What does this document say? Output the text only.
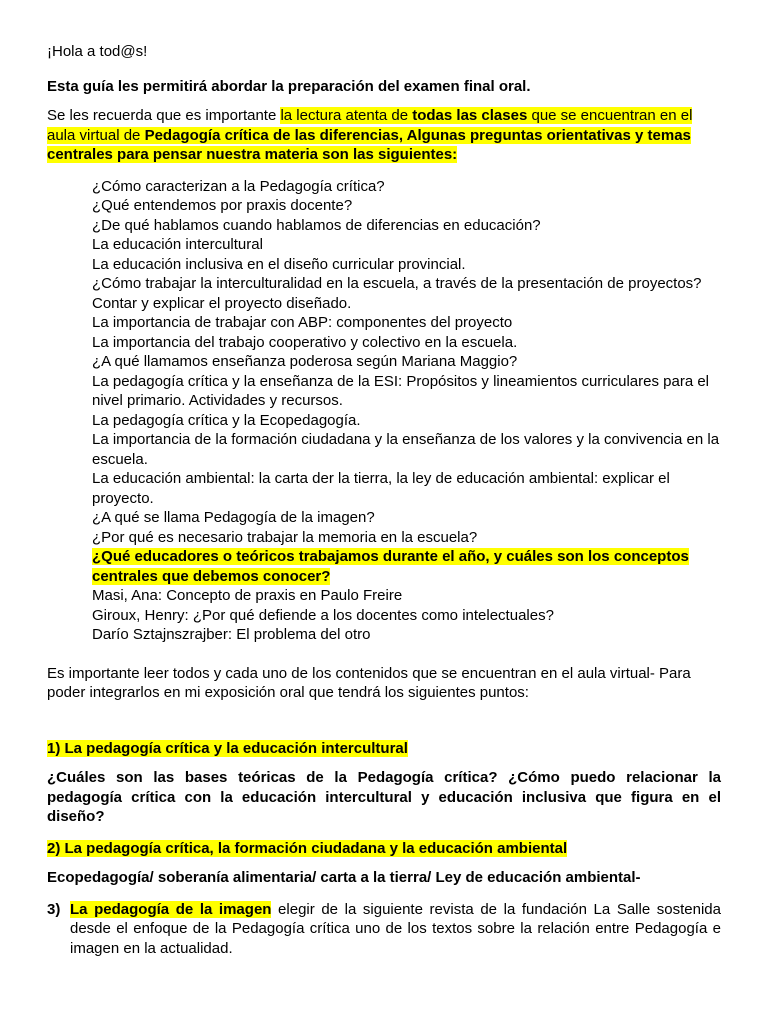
¡Hola a tod@s!

Esta guía les permitirá abordar la preparación del examen final oral.

Se les recuerda que es importante la lectura atenta de todas las clases que se encuentran en el aula virtual de Pedagogía crítica de las diferencias, Algunas preguntas orientativas y temas centrales para pensar nuestra materia son las siguientes:

¿Cómo caracterizan a la Pedagogía crítica?

¿Qué entendemos por praxis docente?

¿De qué hablamos cuando hablamos de diferencias en educación?

La educación intercultural

La educación inclusiva en el diseño curricular provincial.

¿Cómo trabajar la interculturalidad en la escuela, a través de la presentación de proyectos? Contar y explicar el proyecto diseñado.

La importancia de trabajar con ABP: componentes del proyecto

La importancia del trabajo cooperativo y colectivo en la escuela.

¿A qué llamamos enseñanza poderosa según Mariana Maggio?

La pedagogía crítica y la enseñanza de la ESI: Propósitos y lineamientos curriculares para el nivel primario. Actividades y recursos.

La pedagogía crítica y la Ecopedagogía.

La importancia de la formación ciudadana y la enseñanza de los valores y la convivencia en la escuela.

La educación ambiental: la carta der la tierra, la ley de educación ambiental: explicar el proyecto.

¿A qué se llama Pedagogía de la imagen?

¿Por qué es necesario trabajar la memoria en la escuela?

¿Qué educadores o teóricos trabajamos durante el año, y cuáles son los conceptos centrales que debemos conocer?

Masi, Ana: Concepto de praxis en Paulo Freire

Giroux, Henry: ¿Por qué defiende a los docentes como intelectuales?

Darío Sztajnszrajber: El problema del otro

Es importante leer todos y cada uno de los contenidos que se encuentran en el aula virtual- Para poder integrarlos en mi exposición oral que tendrá los siguientes puntos:

1) La pedagogía crítica y la educación intercultural

¿Cuáles son las bases teóricas de la Pedagogía crítica? ¿Cómo puedo relacionar la pedagogía crítica con la educación intercultural y educación inclusiva que figura en el diseño?

2) La pedagogía crítica, la formación ciudadana y la educación ambiental

Ecopedagogía/ soberanía alimentaria/ carta a la tierra/ Ley de educación ambiental-

3) La pedagogía de la imagen elegir de la siguiente revista de la fundación La Salle sostenida desde el enfoque de la Pedagogía crítica uno de los textos sobre la relación entre Pedagogía e imagen en la actualidad.
